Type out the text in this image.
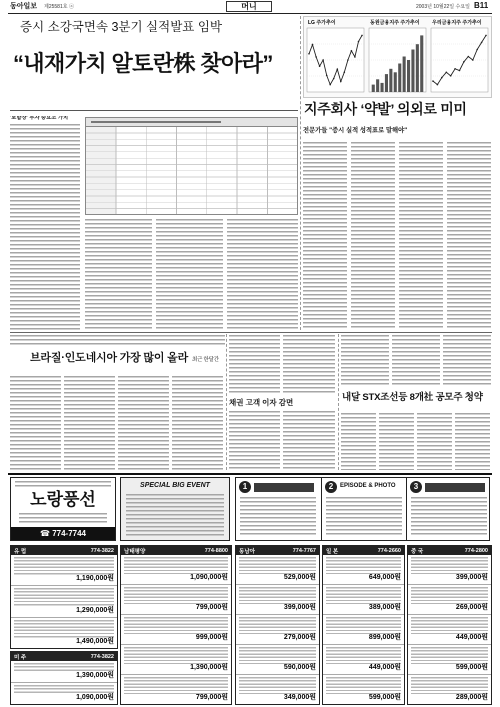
동아일보 제25581호 ⓐ	머니	2003년 10월22일 수요일 B11
증시 소강국면속 3분기 실적발표 임박
“내재가치 알토란株 찾아라”
'보합장' 투자 중요소 가치
LG 주가추이	동원금융지주 주가추이 우리금융지주 주가추이
지주회사 ‘약발’ 의외로 미미
전문가들 "증시 실적 성적표로 말해야"
브라질·인도네시아 가장 많이 올라 최근 한달간
채권 고객 이자 감면	내달 STX조선등 8개社 공모주 청약
노랑풍선
☎ 774-7744
SPECIAL BIG EVENT	1	2	EPISODE & PHOTO	3
유 럽	774-3822
1,190,000원
1,290,000원
1,490,000원
미 주	774-3822
1,390,000원
1,090,000원
남태평양	774-8800
1,090,000원
799,000원
999,000원
1,390,000원
799,000원
동남아	774-7767
529,000원
399,000원
279,000원
590,000원
349,000원
일 본	774-2660
649,000원
389,000원
899,000원
449,000원
599,000원
중 국	774-2800
399,000원
269,000원
449,000원
599,000원
289,000원
